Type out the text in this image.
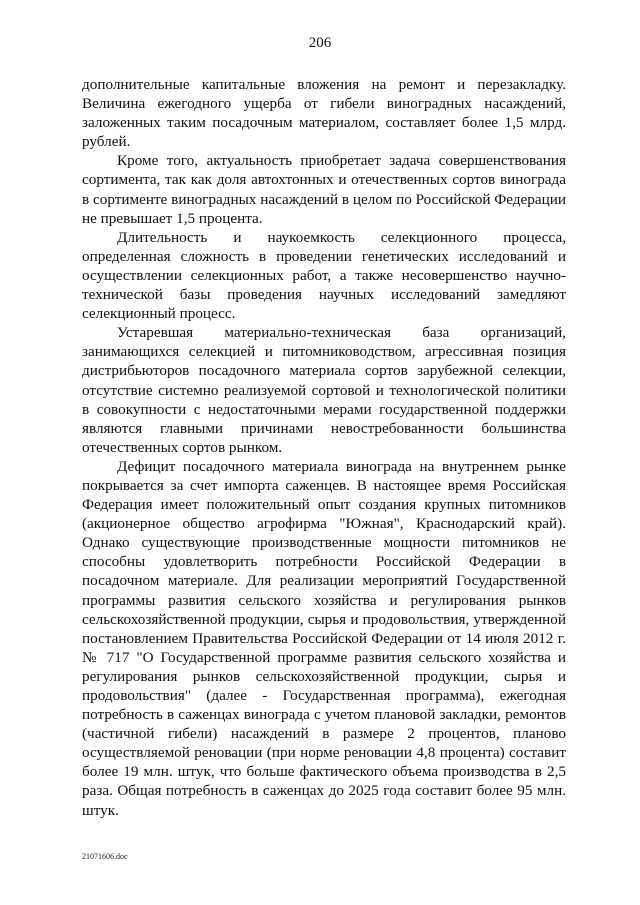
206

дополнительные капитальные вложения на ремонт и перезакладку. Величина ежегодного ущерба от гибели виноградных насаждений, заложенных таким посадочным материалом, составляет более 1,5 млрд. рублей.

Кроме того, актуальность приобретает задача совершенствования сортимента, так как доля автохтонных и отечественных сортов винограда в сортименте виноградных насаждений в целом по Российской Федерации не превышает 1,5 процента.

Длительность и наукоемкость селекционного процесса, определенная сложность в проведении генетических исследований и осуществлении селекционных работ, а также несовершенство научно-технической базы проведения научных исследований замедляют селекционный процесс.

Устаревшая материально-техническая база организаций, занимающихся селекцией и питомниководством, агрессивная позиция дистрибьюторов посадочного материала сортов зарубежной селекции, отсутствие системно реализуемой сортовой и технологической политики в совокупности с недостаточными мерами государственной поддержки являются главными причинами невостребованности большинства отечественных сортов рынком.

Дефицит посадочного материала винограда на внутреннем рынке покрывается за счет импорта саженцев. В настоящее время Российская Федерация имеет положительный опыт создания крупных питомников (акционерное общество агрофирма "Южная", Краснодарский край). Однако существующие производственные мощности питомников не способны удовлетворить потребности Российской Федерации в посадочном материале. Для реализации мероприятий Государственной программы развития сельского хозяйства и регулирования рынков сельскохозяйственной продукции, сырья и продовольствия, утвержденной постановлением Правительства Российской Федерации от 14 июля 2012 г. № 717 "О Государственной программе развития сельского хозяйства и регулирования рынков сельскохозяйственной продукции, сырья и продовольствия" (далее - Государственная программа), ежегодная потребность в саженцах винограда с учетом плановой закладки, ремонтов (частичной гибели) насаждений в размере 2 процентов, планово осуществляемой реновации (при норме реновации 4,8 процента) составит более 19 млн. штук, что больше фактического объема производства в 2,5 раза. Общая потребность в саженцах до 2025 года составит более 95 млн. штук.

21071606.doc
